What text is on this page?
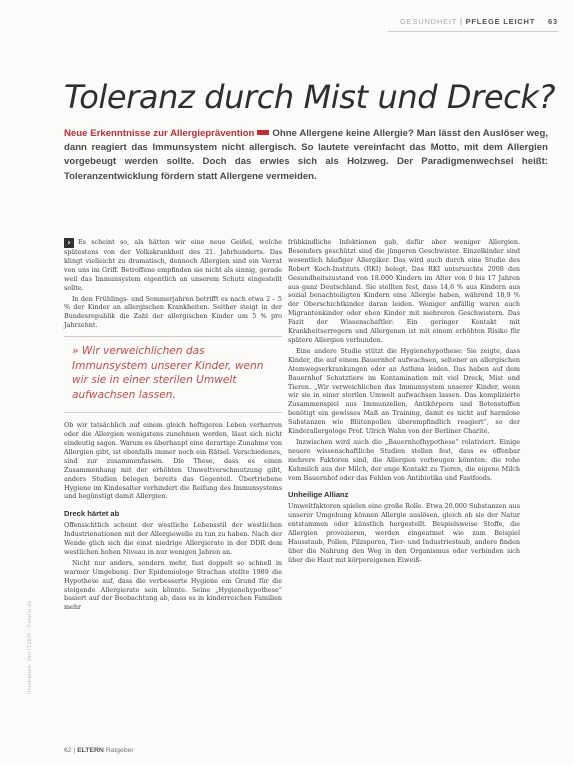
GESUNDHEIT | PFLEGE LEICHT 63
Toleranz durch Mist und Dreck?

Neue Erkenntnisse zur Allergieprävention Ohne Allergene keine Allergie? Man lässt den Auslöser weg, dann reagiert das Immunsystem nicht allergisch. So lautete vereinfacht das Motto, mit dem Allergien vorgebeugt werden sollte. Doch das erwies sich als Holzweg. Der Paradigmenwechsel heißt: Toleranzentwicklung fördern statt Allergene vermeiden.

› Es scheint so, als hätten wir eine neue Geißel, welche spätestens von der Volkskrankheit des 21. Jahrhunderts. Das klingt vielleicht zu dramatisch, dennoch Allergien sind ein Verrat von uns im Griff. Betroffene empfinden sie nicht als sinnig, gerade weil das Immunsystem eigentlich an unserem Schutz eingestellt sollte.

In den Frühlings- und Sommerjahren betrifft es nach etwa 2 – 5 % der Kinder an allergischen Krankheiten. Seither steigt in der Bundesrepublik die Zahl der allergischen Kinder um 5 % pro Jahrzehnt.

» Wir verweichlichen das Immunsystem unserer Kinder, wenn wir sie in einer sterilen Umwelt aufwachsen lassen.

Ob wir tatsächlich auf einem gleich heftigeren Leben verharren oder die Allergien wenigstens zunehmen werden, lässt sich nicht eindeutig sagen. Warum es überhaupt eine derartige Zunahme von Allergien gibt, ist ebenfalls immer noch ein Rätsel. Verschiedenes, sind zur zusammenfassen. Die These, dass es einen Zusammenhang mit der erhöhten Umweltverschmutzung gibt, anders Studien belegen bereits das Gegenteil. Übertriebene Hygiene im Kindesalter verhindert die Reifung des Immunsystems und begünstigt damit Allergien.

Dreck härtet ab

Offensichtlich scheint der westliche Lebensstil der westlichen Industrienationen mit der Allergiewelle zu tun zu haben. Nach der Wende glich sich die einst niedrige Allergierate in der DDR dem westlichen hohen Niveau in nur wenigen Jahren an.

Nicht nur anders, sondern mehr, fast doppelt so schnell in warmer Umgebung. Der Epidemiologe Strachan stellte 1989 die Hypothese auf, dass die verbesserte Hygiene ein Grund für die steigende Allergierate sein könnte. Seine „Hygienehypothese“ basiert auf der Beobachtung ab, dass es in kinderreichen Familien mehr

frühkindliche Infektionen gab, dafür aber weniger Allergien. Besonders geschützt sind die jüngeren Geschwister. Einzelkinder sind wesentlich häufiger Allergiker. Das wird auch durch eine Studie des Robert Koch-Instituts (RKI) belegt. Das RKI untersuchte 2008 den Gesundheitszustand von 18.000 Kindern im Alter von 0 bis 17 Jahren aus ganz Deutschland. Sie stellten fest, dass 14,6 % aus Kindern aus sozial benachteiligten Kindern eine Allergie haben, während 18,9 % der Oberschichtkinder daran leiden. Weniger anfällig waren auch Migrantenkinder oder eben Kinder mit mehreren Geschwistern. Das Fazit der Wissenschaftler: Ein geringer Kontakt mit Krankheitserregern und Allergenen ist mit einem erhöhten Risiko für spätere Allergien verbunden.

Eine andere Studie stützt die Hygienehypothese: Sie zeigte, dass Kinder, die auf einem Bauernhof aufwachsen, seltener an allergischen Atemwegserkrankungen oder an Asthma leiden. Das haben auf dem Bauernhof Schutztiere im Kontamination mit viel Dreck, Mist und Tieren. „Wir verweichlichen das Immunsystem unserer Kinder, wenn wir sie in einer sterilen Umwelt aufwachsen lassen. Das komplizierte Zusammenspiel aus Immunzellen, Antikörpern und Botenstoffen benötigt ein gewisses Maß an Training, damit es nicht auf harmlose Substanzen wie Blütenpollen überempfindlich reagiert“, so der Kinderallergologe Prof. Ulrich Wahn von der Berliner Charité.

Inzwischen wird auch die „Bauernhofhypothese“ relativiert. Einige neuere wissenschaftliche Studien stellen fest, dass es offenbar mehrere Faktoren sind, die Allergien vorbeugen könnten: die rohe Kuhmilch aus der Milch, der enge Kontakt zu Tieren, die eigene Milch vom Bauernhof oder das Fehlen von Antibiotika und Fastfoods.

Unheilige Allianz

Umweltfaktoren spielen eine große Rolle. Etwa 20.000 Substanzen aus unserer Umgebung können Allergie auslösen, gleich ob sie der Natur entstammen oder künstlich hergestellt. Bespielsweise Stoffe, die Allergien provozieren, werden eingeatmet wie zum Beispiel Hausstaub, Pollen, Pilzsporen, Tier- und Industriestaub, andere finden über die Nahrung den Weg in den Organismus oder verbinden sich über die Haut mit körpereigenen Eiweiß-

Illustration: Jan ITZEH · Fotolia.de
62 | ELTERN Ratgeber
